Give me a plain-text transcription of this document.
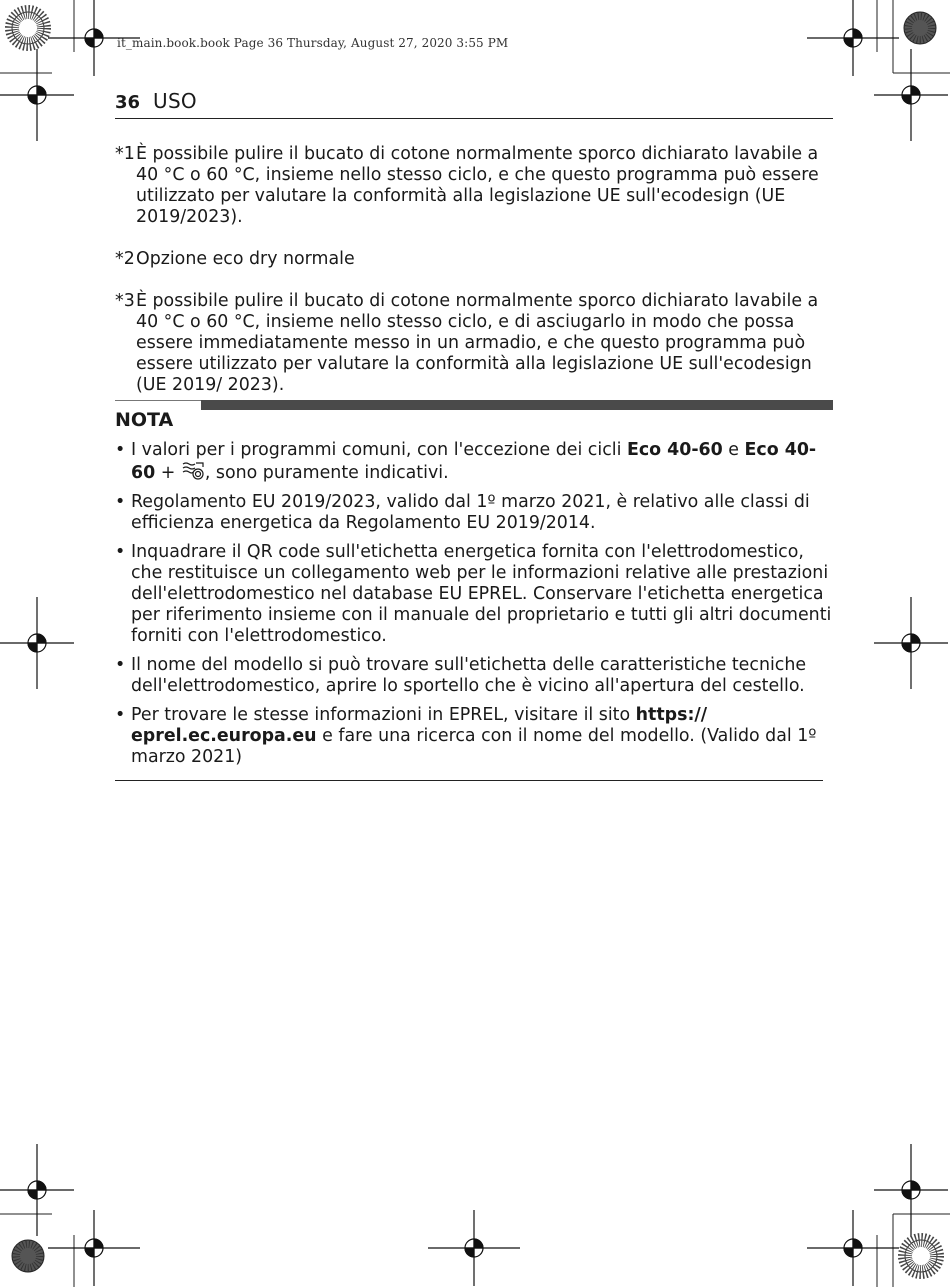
it_main.book.book Page 36 Thursday, August 27, 2020 3:55 PM
36 USO
*1 È possibile pulire il bucato di cotone normalmente sporco dichiarato lavabile a 40 °C o 60 °C, insieme nello stesso ciclo, e che questo programma può essere utilizzato per valutare la conformità alla legislazione UE sull'ecodesign (UE 2019/2023).
*2 Opzione eco dry normale
*3 È possibile pulire il bucato di cotone normalmente sporco dichiarato lavabile a 40 °C o 60 °C, insieme nello stesso ciclo, e di asciugarlo in modo che possa essere immediatamente messo in un armadio, e che questo programma può essere utilizzato per valutare la conformità alla legislazione UE sull'ecodesign (UE 2019/ 2023).
NOTA
• I valori per i programmi comuni, con l'eccezione dei cicli Eco 40-60 e Eco 40-60 + , sono puramente indicativi.
• Regolamento EU 2019/2023, valido dal 1º marzo 2021, è relativo alle classi di efficienza energetica da Regolamento EU 2019/2014.
• Inquadrare il QR code sull'etichetta energetica fornita con l'elettrodomestico, che restituisce un collegamento web per le informazioni relative alle prestazioni dell'elettrodomestico nel database EU EPREL. Conservare l'etichetta energetica per riferimento insieme con il manuale del proprietario e tutti gli altri documenti forniti con l'elettrodomestico.
• Il nome del modello si può trovare sull'etichetta delle caratteristiche tecniche dell'elettrodomestico, aprire lo sportello che è vicino all'apertura del cestello.
• Per trovare le stesse informazioni in EPREL, visitare il sito https:// eprel.ec.europa.eu e fare una ricerca con il nome del modello. (Valido dal 1º marzo 2021)
